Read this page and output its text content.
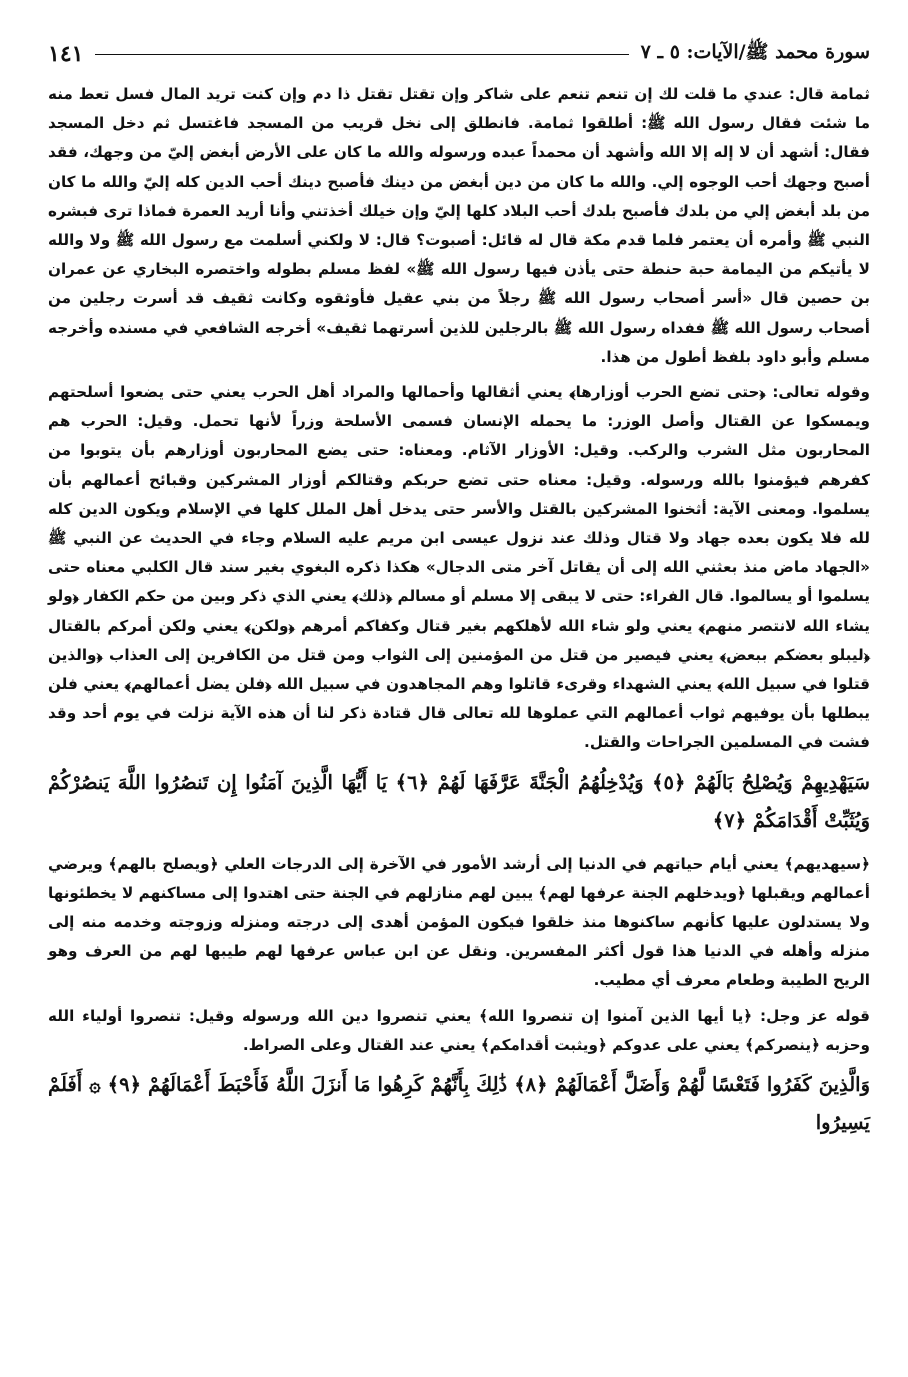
سورة محمد ﷺ/الآيات: ٥ ـ ٧
١٤١

ثمامة قال: عندي ما قلت لك إن تنعم تنعم على شاكر وإن تقتل تقتل ذا دم وإن كنت تريد المال فسل تعط منه ما شئت فقال رسول الله ﷺ: أطلقوا ثمامة. فانطلق إلى نخل قريب من المسجد فاغتسل ثم دخل المسجد فقال: أشهد أن لا إله إلا الله وأشهد أن محمداً عبده ورسوله والله ما كان على الأرض أبغض إليّ من وجهك، فقد أصبح وجهك أحب الوجوه إلي. والله ما كان من دين أبغض من دينك فأصبح دينك أحب الدين كله إليّ والله ما كان من بلد أبغض إلي من بلدك فأصبح بلدك أحب البلاد كلها إليّ وإن خيلك أخذتني وأنا أريد العمرة فماذا ترى فبشره النبي ﷺ وأمره أن يعتمر فلما قدم مكة قال له قائل: أصبوت؟ قال: لا ولكني أسلمت مع رسول الله ﷺ ولا والله لا يأتيكم من اليمامة حبة حنطة حتى يأذن فيها رسول الله ﷺ» لفظ مسلم بطوله واختصره البخاري عن عمران بن حصين قال «أسر أصحاب رسول الله ﷺ رجلاً من بني عقيل فأوثقوه وكانت ثقيف قد أسرت رجلين من أصحاب رسول الله ﷺ ففداه رسول الله ﷺ بالرجلين للذين أسرتهما ثقيف» أخرجه الشافعي في مسنده وأخرجه مسلم وأبو داود بلفظ أطول من هذا.

وقوله تعالى: ﴿حتى تضع الحرب أوزارها﴾ يعني أثقالها وأحمالها والمراد أهل الحرب يعني حتى يضعوا أسلحتهم ويمسكوا عن القتال وأصل الوزر: ما يحمله الإنسان فسمى الأسلحة وزراً لأنها تحمل. وقيل: الحرب هم المحاربون مثل الشرب والركب. وقيل: الأوزار الآثام. ومعناه: حتى يضع المحاربون أوزارهم بأن يتوبوا من كفرهم فيؤمنوا بالله ورسوله. وقيل: معناه حتى تضع حربكم وقتالكم أوزار المشركين وقبائح أعمالهم بأن يسلموا. ومعنى الآية: أثخنوا المشركين بالقتل والأسر حتى يدخل أهل الملل كلها في الإسلام ويكون الدين كله لله فلا يكون بعده جهاد ولا قتال وذلك عند نزول عيسى ابن مريم عليه السلام وجاء في الحديث عن النبي ﷺ «الجهاد ماض منذ بعثني الله إلى أن يقاتل آخر متى الدجال» هكذا ذكره البغوي بغير سند قال الكلبي معناه حتى يسلموا أو يسالموا. قال الفراء: حتى لا يبقى إلا مسلم أو مسالم ﴿ذلك﴾ يعني الذي ذكر وبين من حكم الكفار ﴿ولو يشاء الله لانتصر منهم﴾ يعني ولو شاء الله لأهلكهم بغير قتال وكفاكم أمرهم ﴿ولكن﴾ يعني ولكن أمركم بالقتال ﴿ليبلو بعضكم ببعض﴾ يعني فيصير من قتل من المؤمنين إلى الثواب ومن قتل من الكافرين إلى العذاب ﴿والذين قتلوا في سبيل الله﴾ يعني الشهداء وقرىء قاتلوا وهم المجاهدون في سبيل الله ﴿فلن يضل أعمالهم﴾ يعني فلن يبطلها بأن يوفيهم ثواب أعمالهم التي عملوها لله تعالى قال قتادة ذكر لنا أن هذه الآية نزلت في يوم أحد وقد فشت في المسلمين الجراحات والقتل.

سَيَهْدِيهِمْ وَيُصْلِحُ بَالَهُمْ ﴿٥﴾ وَيُدْخِلُهُمُ الْجَنَّةَ عَرَّفَهَا لَهُمْ ﴿٦﴾ يَا أَيُّهَا الَّذِينَ آمَنُوا إِن تَنصُرُوا اللَّهَ يَنصُرْكُمْ وَيُثَبِّتْ أَقْدَامَكُمْ ﴿٧﴾

﴿سيهديهم﴾ يعني أيام حياتهم في الدنيا إلى أرشد الأمور في الآخرة إلى الدرجات العلي ﴿ويصلح بالهم﴾ ويرضي أعمالهم ويقبلها ﴿ويدخلهم الجنة عرفها لهم﴾ يبين لهم منازلهم في الجنة حتى اهتدوا إلى مساكنهم لا يخطئونها ولا يستدلون عليها كأنهم ساكنوها منذ خلقوا فيكون المؤمن أهدى إلى درجته ومنزله وزوجته وخدمه منه إلى منزله وأهله في الدنيا هذا قول أكثر المفسرين. ونقل عن ابن عباس عرفها لهم طيبها لهم من العرف وهو الريح الطيبة وطعام معرف أي مطيب.

قوله عز وجل: ﴿يا أيها الذين آمنوا إن تنصروا الله﴾ يعني تنصروا دين الله ورسوله وقيل: تنصروا أولياء الله وحزبه ﴿ينصركم﴾ يعني على عدوكم ﴿ويثبت أقدامكم﴾ يعني عند القتال وعلى الصراط.

وَالَّذِينَ كَفَرُوا فَتَعْسًا لَّهُمْ وَأَضَلَّ أَعْمَالَهُمْ ﴿٨﴾ ذَٰلِكَ بِأَنَّهُمْ كَرِهُوا مَا أَنزَلَ اللَّهُ فَأَحْبَطَ أَعْمَالَهُمْ ﴿٩﴾ ۞ أَفَلَمْ يَسِيرُوا
